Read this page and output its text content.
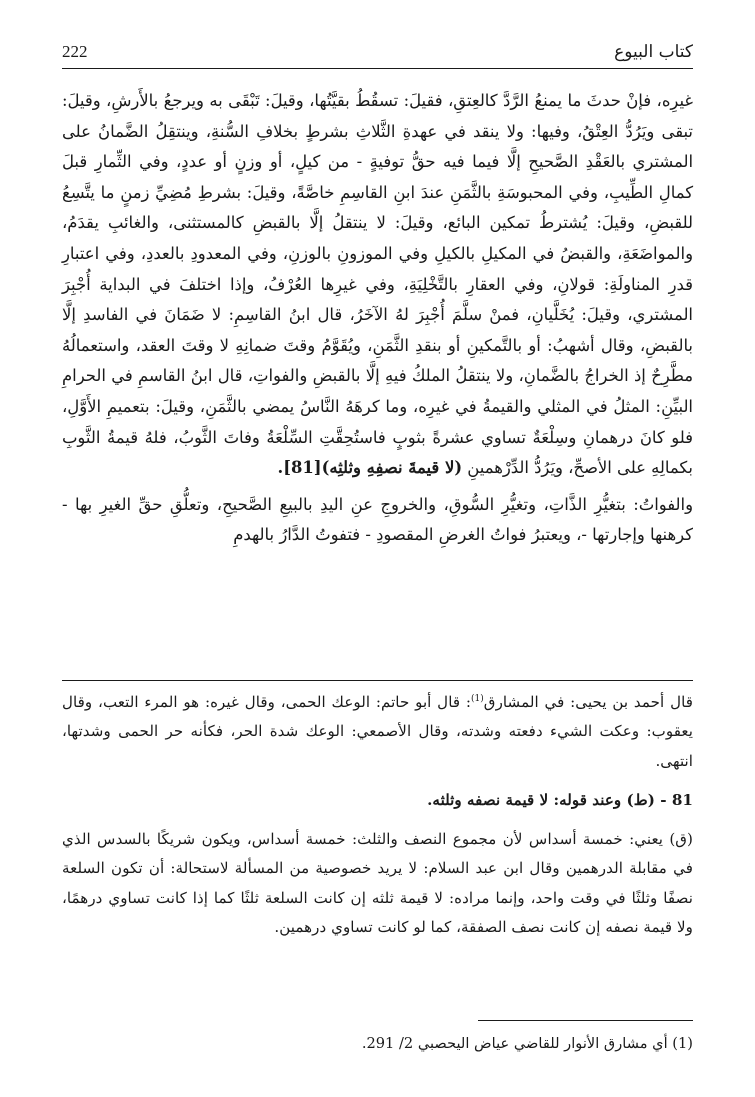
كتاب البيوع
222

غيرِه، فإنْ حدثَ ما يمنعُ الرَّدَّ كالعِتقِ، فقيلَ: تسقُطُ بقيَّتُها، وقيلَ: تَبْقَى به ويرجعُ بالأَرشِ، وقيلَ: تبقى ويَرُدُّ العِتْقُ، وفيها: ولا ينقد في عهدةِ الثَّلاثِ بشرطٍ بخلافِ السُّنةِ، وينتقِلُ الضَّمانُ على المشتري بالعَقْدِ الصَّحيحِ إلَّا فيما فيه حقُّ توفيةٍ - من كيلٍ، أو وزنٍ أو عددٍ، وفي الثِّمارِ قبلَ كمالِ الطِّيبِ، وفي المحبوسَةِ بالثَّمَنِ عندَ ابنِ القاسِمِ خاصَّةً، وقيلَ: بشرطِ مُضِيِّ زمنٍ ما يتَّسِعُ للقبضِ، وقيلَ: يُشترطُ تمكين البائع، وقيلَ: لا ينتقلُ إلَّا بالقبضِ كالمستثنى، والغائبِ يقدَمُ، والمواضَعَةِ، والقبضُ في المكيلِ بالكيلِ وفي الموزونِ بالوزنِ، وفي المعدودِ بالعددِ، وفي اعتبارِ قدرِ المناولَةِ: قولانِ، وفي العقارِ بالتَّخْلِيَةِ، وفي غيرِها العُرْفُ، وإذا اختلفَ في البداية أُجْبِرَ المشتري، وقيلَ: يُخَلَّيانِ، فمنْ سلَّمَ أُجْبِرَ لهُ الآخَرُ، قال ابنُ القاسِمِ: لا ضَمَانَ في الفاسدِ إلَّا بالقبضِ، وقال أشهبُ: أو بالتَّمكينِ أو بنقدِ الثَّمَنِ، ويُقَوَّمُ وقتَ ضمانِهِ لا وقتَ العقد، واستعمالُهُ مطَّرِحٌ إذ الخراجُ بالضَّمانِ، ولا ينتقلُ الملكُ فيهِ إلَّا بالقبضِ والفواتِ، قال ابنُ القاسمِ في الحرامِ البيِّنِ: المثلُ في المثلي والقيمةُ في غيرِه، وما كرهَهُ النَّاسُ يمضي بالثَّمَنِ، وقيلَ: بتعميمِ الأَوَّلِ، فلو كانَ درهمانِ وسِلْعَةٌ تساوي عشرةً بثوبٍ فاستُحِقَّتِ السِّلْعَةُ وفاتَ الثَّوبُ، فلهُ قيمةُ الثَّوبِ بكمالِهِ على الأصحِّ، ويَرُدُّ الدِّرْهمينِ (لا قيمةَ نصفِهِ وثلثِه)[81].

والفواتُ: بتغيُّرِ الذَّاتِ، وتغيُّرِ السُّوقِ، والخروجِ عنِ اليدِ بالبيعِ الصَّحيحِ، وتعلُّقِ حقِّ الغيرِ بها - كرهنها وإجارتها -، ويعتبرُ فواتُ الغرضِ المقصودِ - فتفوتُ الدَّارُ بالهدمِ

قال أحمد بن يحيى: في المشارق$^{(1)}$: قال أبو حاتم: الوعك الحمى، وقال غيره: هو المرء التعب، وقال يعقوب: وعكت الشيء دفعته وشدته، وقال الأصمعي: الوعك شدة الحر، فكأنه حر الحمى وشدتها، انتهى.

81 - (ط) وعند قوله: لا قيمة نصفه وثلثه.

(ق) يعني: خمسة أسداس لأن مجموع النصف والثلث: خمسة أسداس، ويكون شريكًا بالسدس الذي في مقابلة الدرهمين وقال ابن عبد السلام: لا يريد خصوصية من المسألة لاستحالة: أن تكون السلعة نصفًا وثلثًا في وقت واحد، وإنما مراده: لا قيمة ثلثه إن كانت السلعة ثلثًا كما إذا كانت تساوي درهمًا، ولا قيمة نصفه إن كانت نصف الصفقة، كما لو كانت تساوي درهمين.

(1) أي مشارق الأنوار للقاضي عياض اليحصبي 2/ 291.
